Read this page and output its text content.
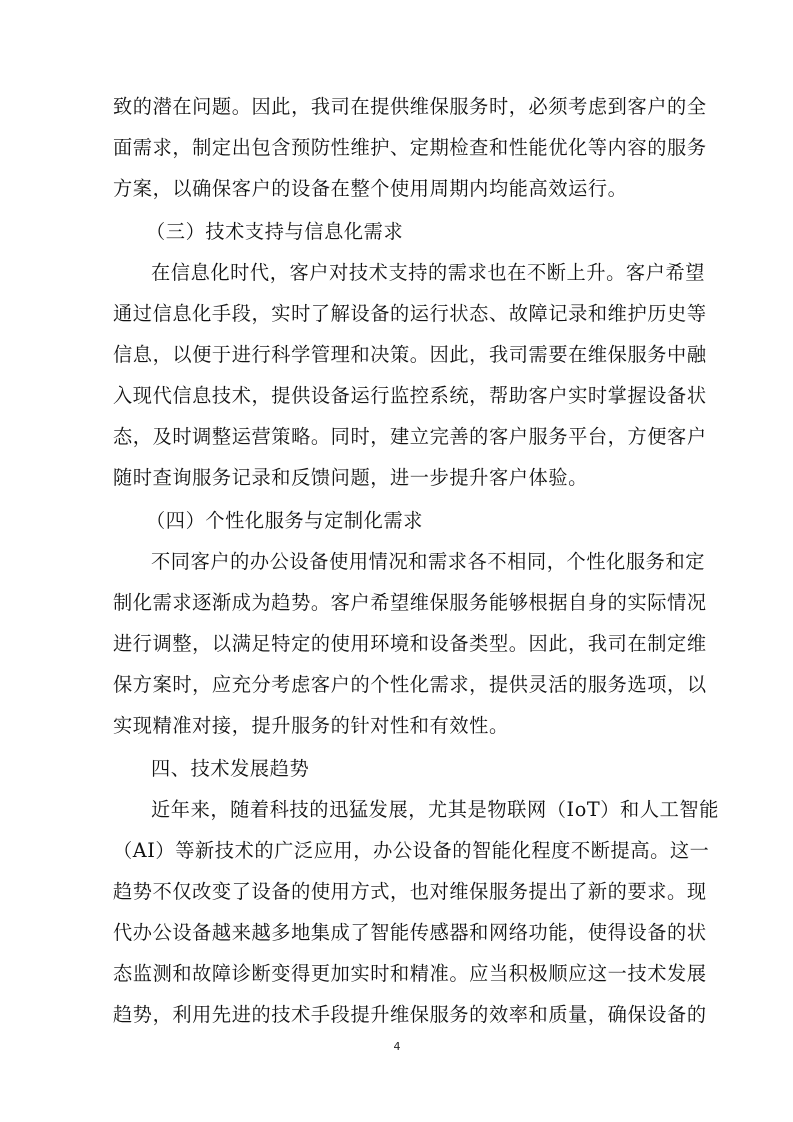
致的潜在问题。因此，我司在提供维保服务时，必须考虑到客户的全
面需求，制定出包含预防性维护、定期检查和性能优化等内容的服务
方案，以确保客户的设备在整个使用周期内均能高效运行。
（三）技术支持与信息化需求
在信息化时代，客户对技术支持的需求也在不断上升。客户希望
通过信息化手段，实时了解设备的运行状态、故障记录和维护历史等
信息，以便于进行科学管理和决策。因此，我司需要在维保服务中融
入现代信息技术，提供设备运行监控系统，帮助客户实时掌握设备状
态，及时调整运营策略。同时，建立完善的客户服务平台，方便客户
随时查询服务记录和反馈问题，进一步提升客户体验。
（四）个性化服务与定制化需求
不同客户的办公设备使用情况和需求各不相同，个性化服务和定
制化需求逐渐成为趋势。客户希望维保服务能够根据自身的实际情况
进行调整，以满足特定的使用环境和设备类型。因此，我司在制定维
保方案时，应充分考虑客户的个性化需求，提供灵活的服务选项，以
实现精准对接，提升服务的针对性和有效性。
四、技术发展趋势
近年来，随着科技的迅猛发展，尤其是物联网（IoT）和人工智能
（AI）等新技术的广泛应用，办公设备的智能化程度不断提高。这一
趋势不仅改变了设备的使用方式，也对维保服务提出了新的要求。现
代办公设备越来越多地集成了智能传感器和网络功能，使得设备的状
态监测和故障诊断变得更加实时和精准。应当积极顺应这一技术发展
趋势，利用先进的技术手段提升维保服务的效率和质量，确保设备的
4
